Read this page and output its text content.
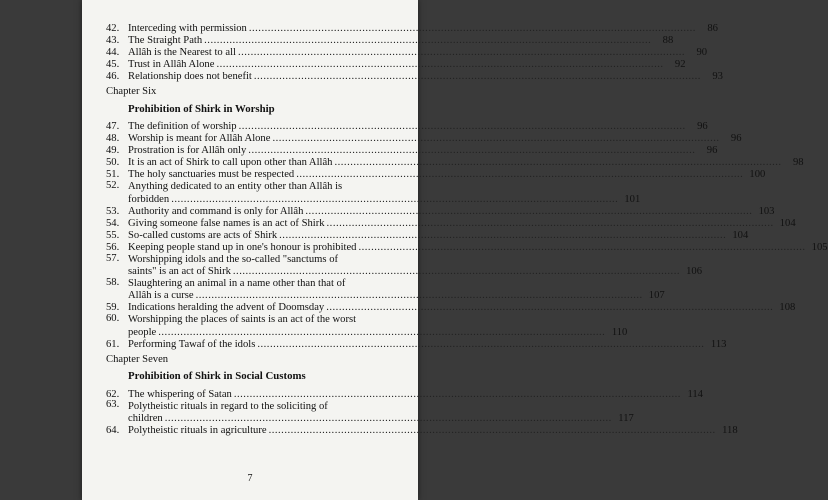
42. Interceding with permission .....	86
43. The Straight Path .....	88
44. Allâh is the Nearest to all .....	90
45. Trust in Allâh Alone .....	92
46. Relationship does not benefit .....	93
Chapter Six
Prohibition of Shirk in Worship
47. The definition of worship .....	96
48. Worship is meant for Allâh Alone .....	96
49. Prostration is for Allâh only .....	96
50. It is an act of Shirk to call upon other than Allâh .....	98
51. The holy sanctuaries must be respected .....	100
52. Anything dedicated to an entity other than Allâh is
forbidden .....	101
53. Authority and command is only for Allâh .....	103
54. Giving someone false names is an act of Shirk .....	104
55. So-called customs are acts of Shirk .....	104
56. Keeping people stand up in one's honour is prohibited .....	105
57. Worshipping idols and the so-called "sanctums of
saints" is an act of Shirk .....	106
58. Slaughtering an animal in a name other than that of
Allâh is a curse .....	107
59. Indications heralding the advent of Doomsday .....	108
60. Worshipping the places of saints is an act of the worst
people .....	110
61. Performing Tawaf of the idols .....	113
Chapter Seven
Prohibition of Shirk in Social Customs
62. The whispering of Satan .....	114
63. Polytheistic rituals in regard to the soliciting of
children .....	117
64. Polytheistic rituals in agriculture .....	118
7
